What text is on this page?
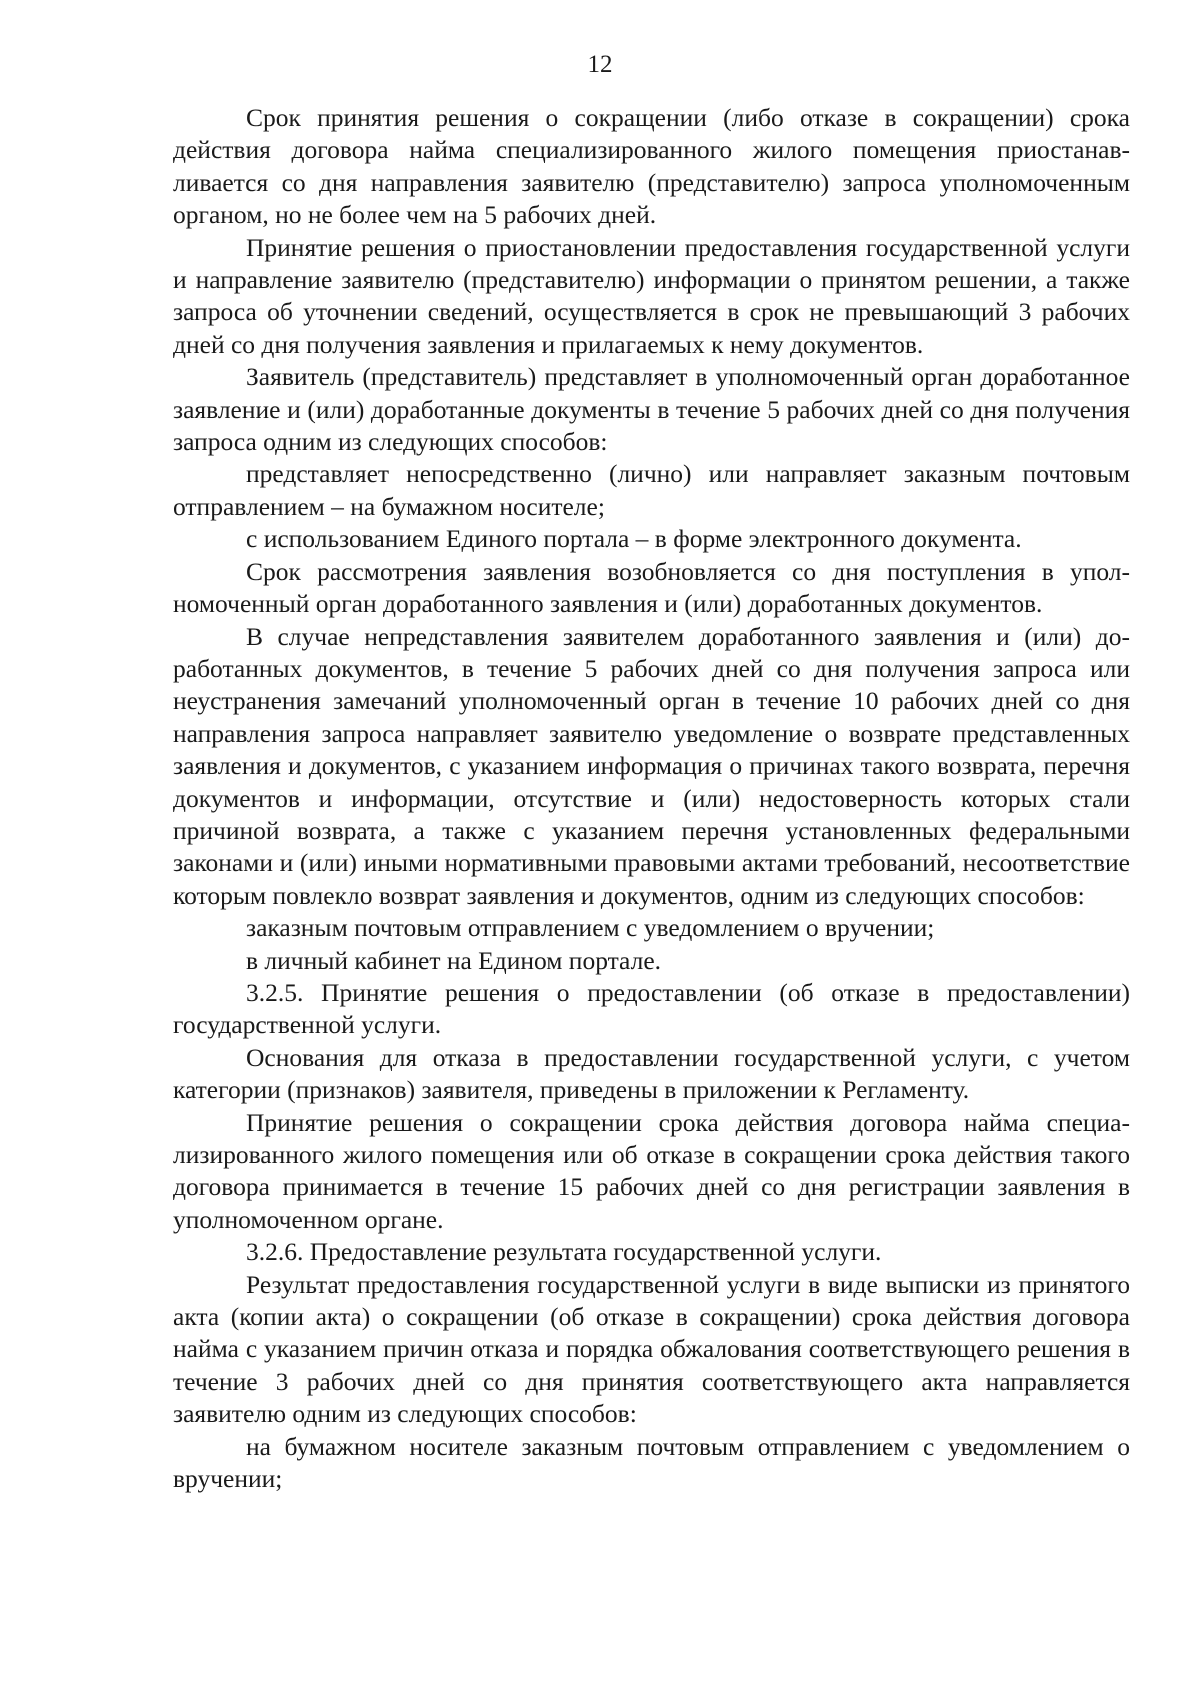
12

Срок принятия решения о сокращении (либо отказе в сокращении) срока действия договора найма специализированного жилого помещения приостанавливается со дня направления заявителю (представителю) запроса уполномоченным органом, но не более чем на 5 рабочих дней.

Принятие решения о приостановлении предоставления государственной услуги и направление заявителю (представителю) информации о принятом решении, а также запроса об уточнении сведений, осуществляется в срок не превышающий 3 рабочих дней со дня получения заявления и прилагаемых к нему документов.

Заявитель (представитель) представляет в уполномоченный орган доработанное заявление и (или) доработанные документы в течение 5 рабочих дней со дня получения запроса одним из следующих способов:

представляет непосредственно (лично) или направляет заказным почтовым отправлением – на бумажном носителе;

с использованием Единого портала – в форме электронного документа.

Срок рассмотрения заявления возобновляется со дня поступления в уполномоченный орган доработанного заявления и (или) доработанных документов.

В случае непредставления заявителем доработанного заявления и (или) доработанных документов, в течение 5 рабочих дней со дня получения запроса или неустранения замечаний уполномоченный орган в течение 10 рабочих дней со дня направления запроса направляет заявителю уведомление о возврате представленных заявления и документов, с указанием информация о причинах такого возврата, перечня документов и информации, отсутствие и (или) недостоверность которых стали причиной возврата, а также с указанием перечня установленных федеральными законами и (или) иными нормативными правовыми актами требований, несоответствие которым повлекло возврат заявления и документов, одним из следующих способов:

заказным почтовым отправлением с уведомлением о вручении;

в личный кабинет на Едином портале.

3.2.5. Принятие решения о предоставлении (об отказе в предоставлении) государственной услуги.

Основания для отказа в предоставлении государственной услуги, с учетом категории (признаков) заявителя, приведены в приложении к Регламенту.

Принятие решения о сокращении срока действия договора найма специализированного жилого помещения или об отказе в сокращении срока действия такого договора принимается в течение 15 рабочих дней со дня регистрации заявления в уполномоченном органе.

3.2.6. Предоставление результата государственной услуги.

Результат предоставления государственной услуги в виде выписки из принятого акта (копии акта) о сокращении (об отказе в сокращении) срока действия договора найма с указанием причин отказа и порядка обжалования соответствующего решения в течение 3 рабочих дней со дня принятия соответствующего акта направляется заявителю одним из следующих способов:

на бумажном носителе заказным почтовым отправлением с уведомлением о вручении;
